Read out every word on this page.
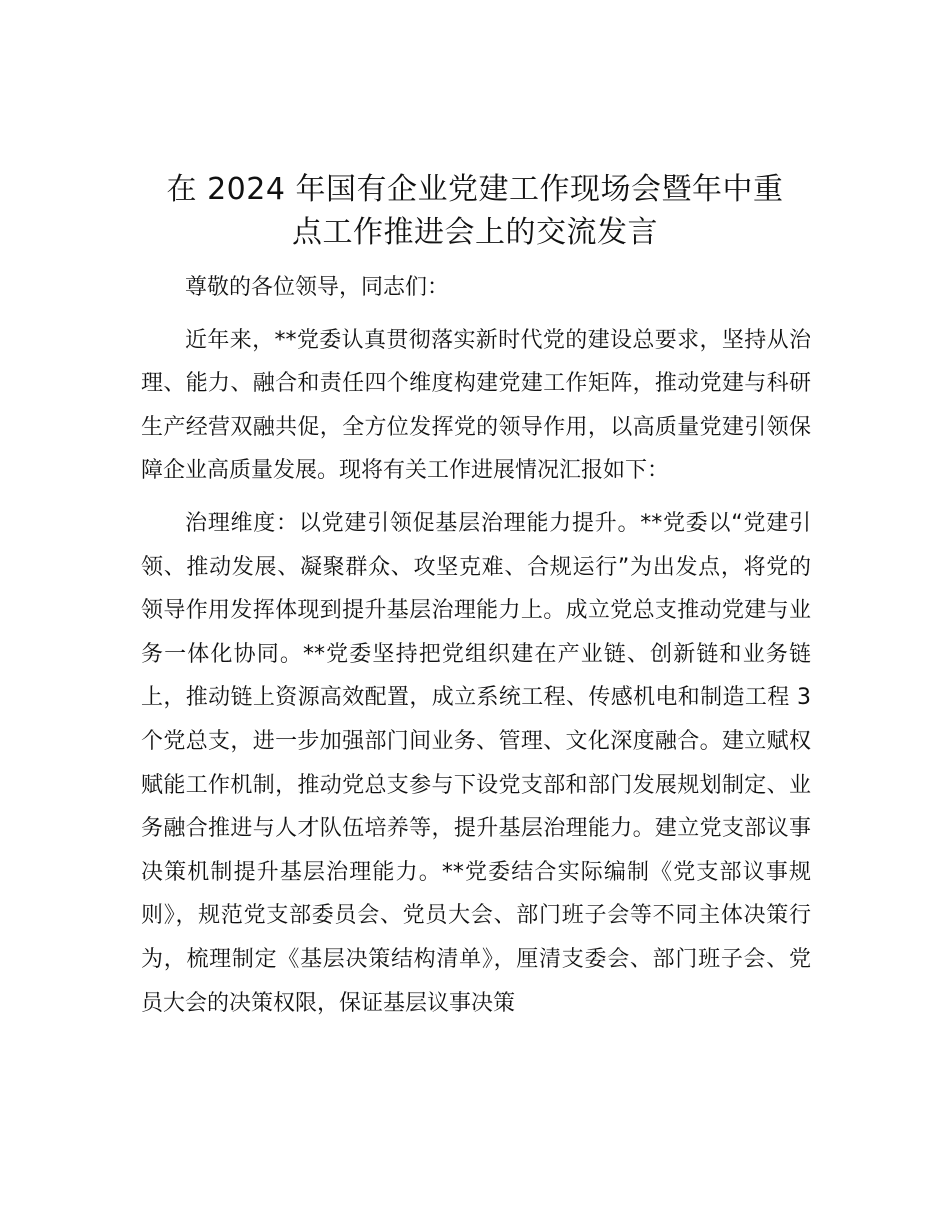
在 2024 年国有企业党建工作现场会暨年中重
点工作推进会上的交流发言

尊敬的各位领导，同志们：

近年来，**党委认真贯彻落实新时代党的建设总要求，坚持从治理、能力、融合和责任四个维度构建党建工作矩阵，推动党建与科研生产经营双融共促，全方位发挥党的领导作用，以高质量党建引领保障企业高质量发展。现将有关工作进展情况汇报如下：

治理维度：以党建引领促基层治理能力提升。**党委以“党建引领、推动发展、凝聚群众、攻坚克难、合规运行”为出发点，将党的领导作用发挥体现到提升基层治理能力上。成立党总支推动党建与业务一体化协同。**党委坚持把党组织建在产业链、创新链和业务链上，推动链上资源高效配置，成立系统工程、传感机电和制造工程 3 个党总支，进一步加强部门间业务、管理、文化深度融合。建立赋权赋能工作机制，推动党总支参与下设党支部和部门发展规划制定、业务融合推进与人才队伍培养等，提升基层治理能力。建立党支部议事决策机制提升基层治理能力。**党委结合实际编制《党支部议事规则》，规范党支部委员会、党员大会、部门班子会等不同主体决策行为，梳理制定《基层决策结构清单》，厘清支委会、部门班子会、党员大会的决策权限，保证基层议事决策
